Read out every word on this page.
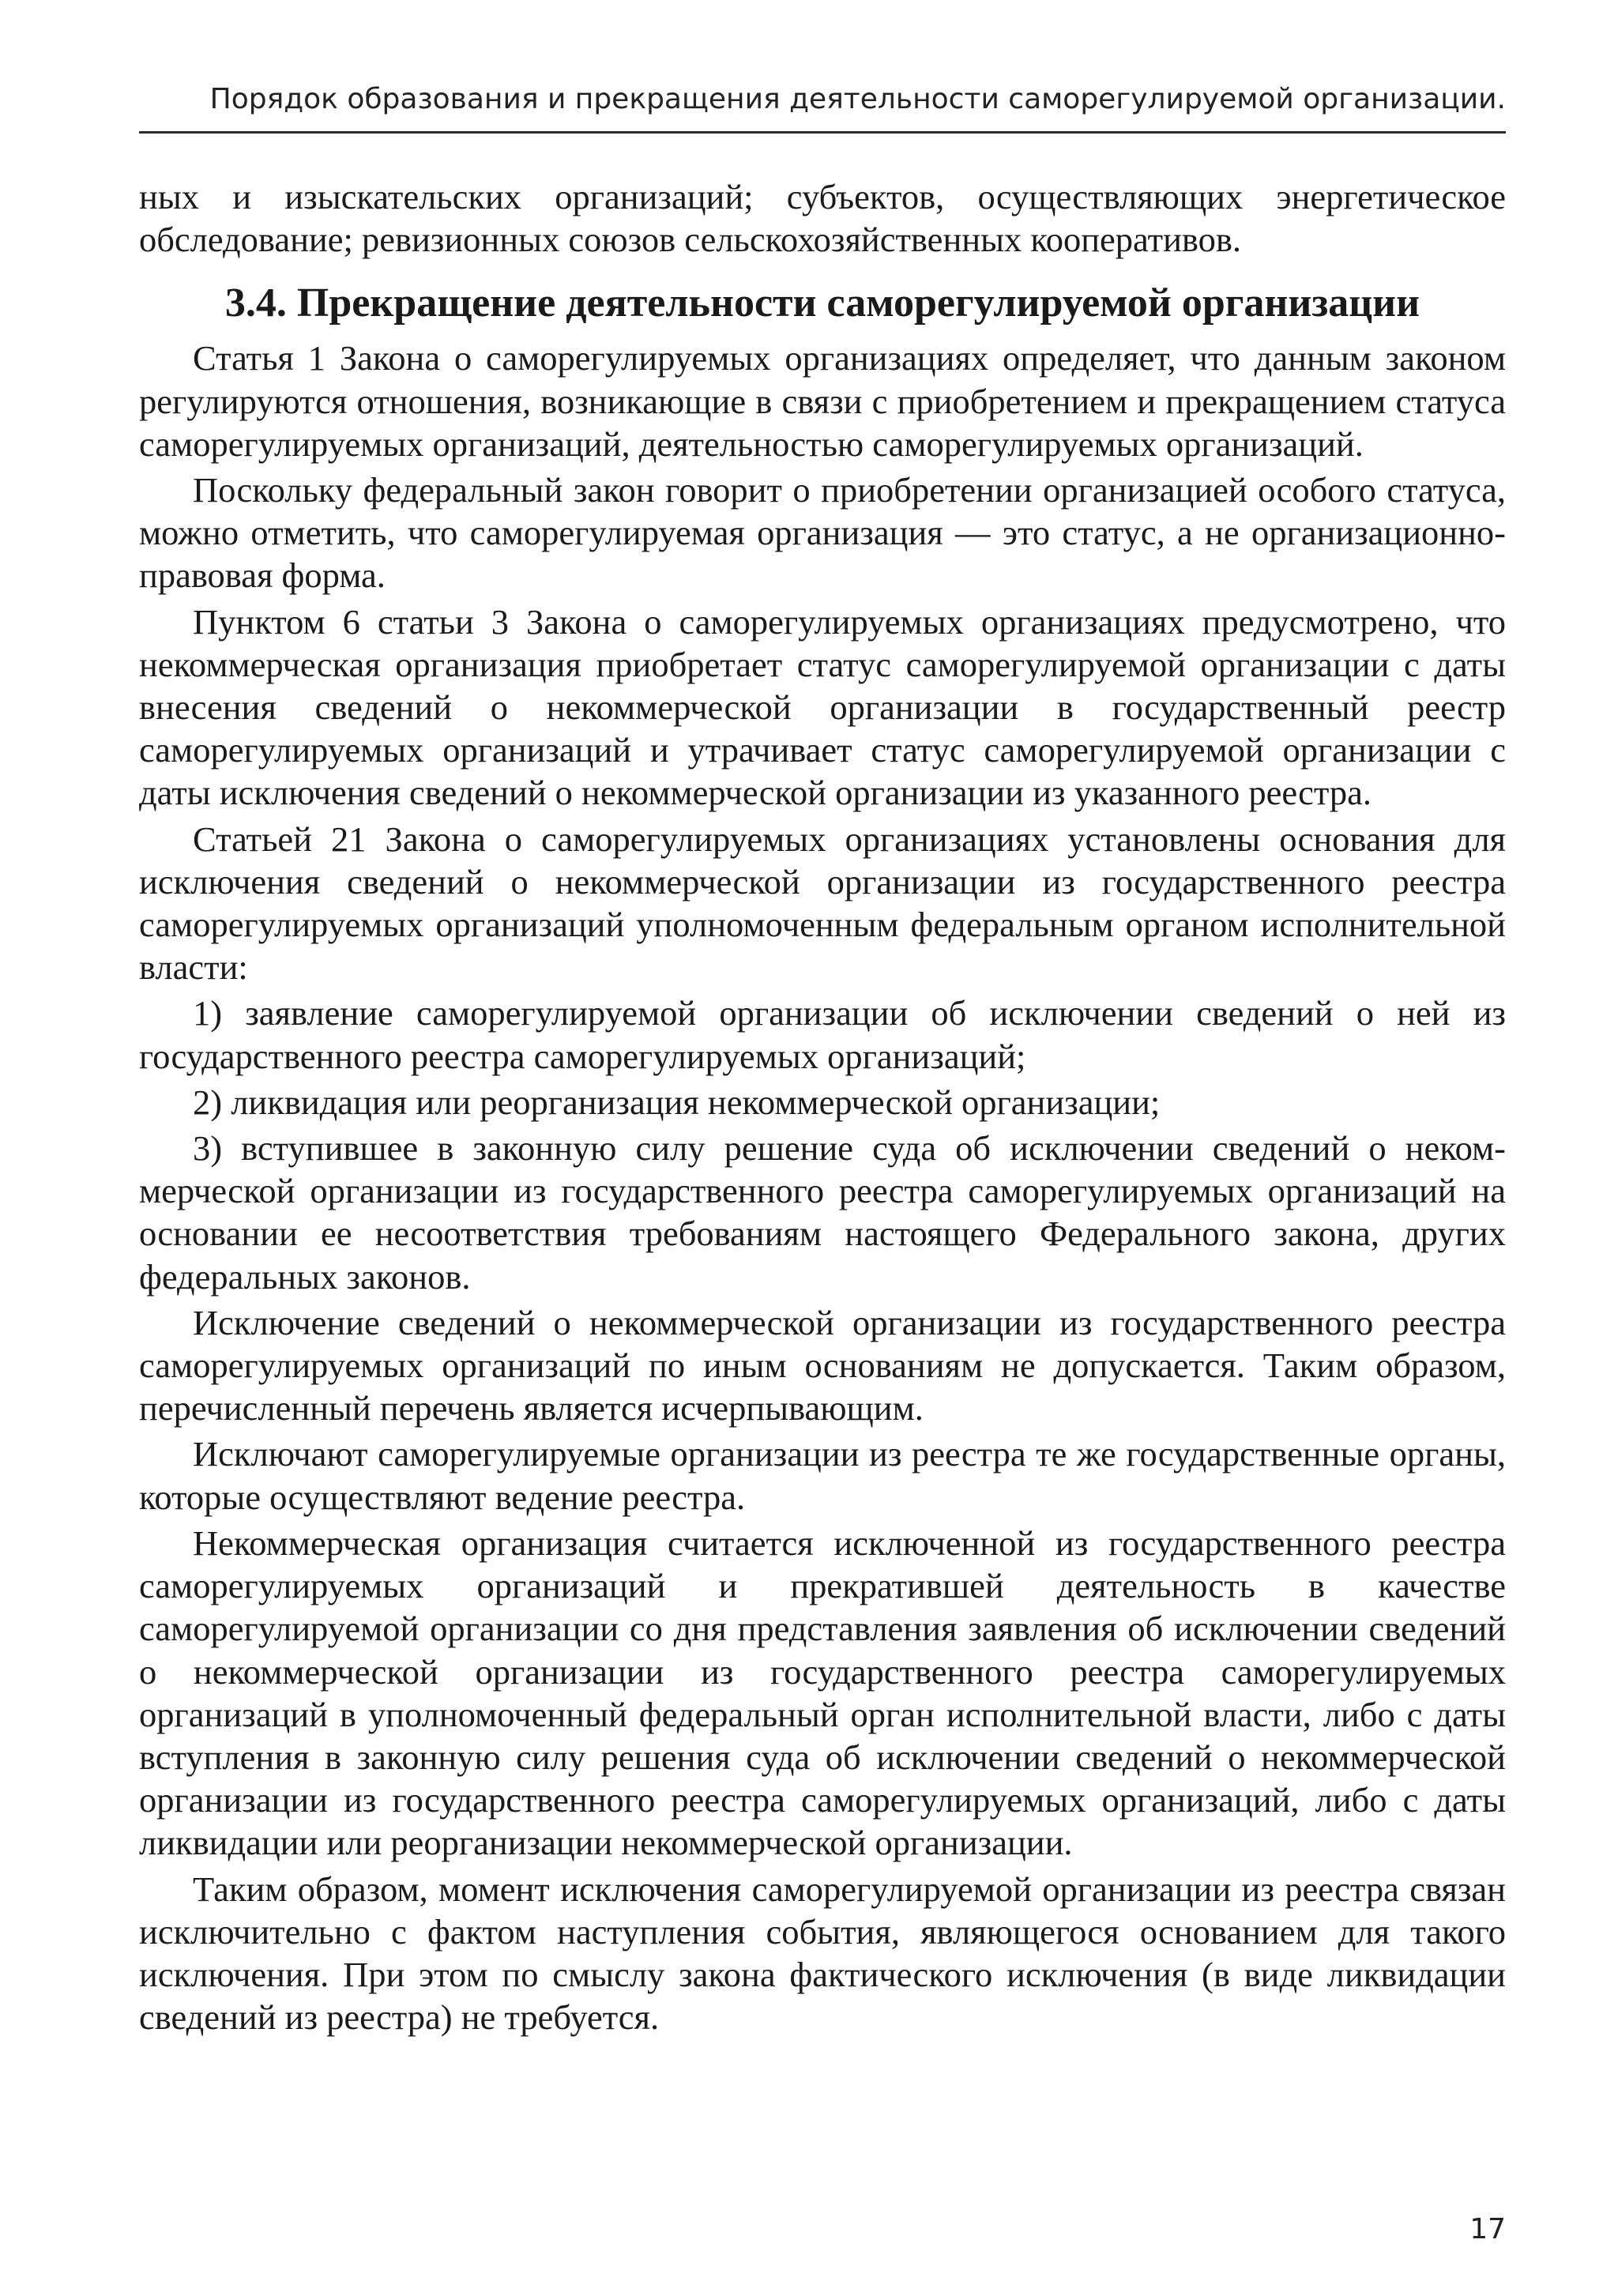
Порядок образования и прекращения деятельности саморегулируемой организации.

ных и изыскательских организаций; субъектов, осуществляющих энергетическое обследование; ревизионных союзов сельскохозяйственных кооперативов.

3.4. Прекращение деятельности саморегулируемой организации

Статья 1 Закона о саморегулируемых организациях определяет, что данным законом регулируются отношения, возникающие в связи с приобретением и прекращением статуса саморегулируемых организаций, деятельностью саморегулируемых организаций.

Поскольку федеральный закон говорит о приобретении организацией особого статуса, можно отметить, что саморегулируемая организация — это статус, а не организационно-правовая форма.

Пунктом 6 статьи 3 Закона о саморегулируемых организациях предусмотрено, что некоммерческая организация приобретает статус саморегулируемой организации с даты внесения сведений о некоммерческой организации в государственный реестр саморегулируемых организаций и утрачивает статус саморегулируемой организации с даты исключения сведений о некоммерческой организации из указанного реестра.

Статьей 21 Закона о саморегулируемых организациях установлены основания для исключения сведений о некоммерческой организации из государственного реестра саморегулируемых организаций уполномоченным федеральным органом исполнительной власти:

1) заявление саморегулируемой организации об исключении сведений о ней из государственного реестра саморегулируемых организаций;

2) ликвидация или реорганизация некоммерческой организации;

3) вступившее в законную силу решение суда об исключении сведений о некоммерческой организации из государственного реестра саморегулируемых организаций на основании ее несоответствия требованиям настоящего Федерального закона, других федеральных законов.

Исключение сведений о некоммерческой организации из государственного реестра саморегулируемых организаций по иным основаниям не допускается. Таким образом, перечисленный перечень является исчерпывающим.

Исключают саморегулируемые организации из реестра те же государственные органы, которые осуществляют ведение реестра.

Некоммерческая организация считается исключенной из государственного реестра саморегулируемых организаций и прекратившей деятельность в качестве саморегулируемой организации со дня представления заявления об исключении сведений о некоммерческой организации из государственного реестра саморегулируемых организаций в уполномоченный федеральный орган исполнительной власти, либо с даты вступления в законную силу решения суда об исключении сведений о некоммерческой организации из государственного реестра саморегулируемых организаций, либо с даты ликвидации или реорганизации некоммерческой организации.

Таким образом, момент исключения саморегулируемой организации из реестра связан исключительно с фактом наступления события, являющегося основанием для такого исключения. При этом по смыслу закона фактического исключения (в виде ликвидации сведений из реестра) не требуется.

17
